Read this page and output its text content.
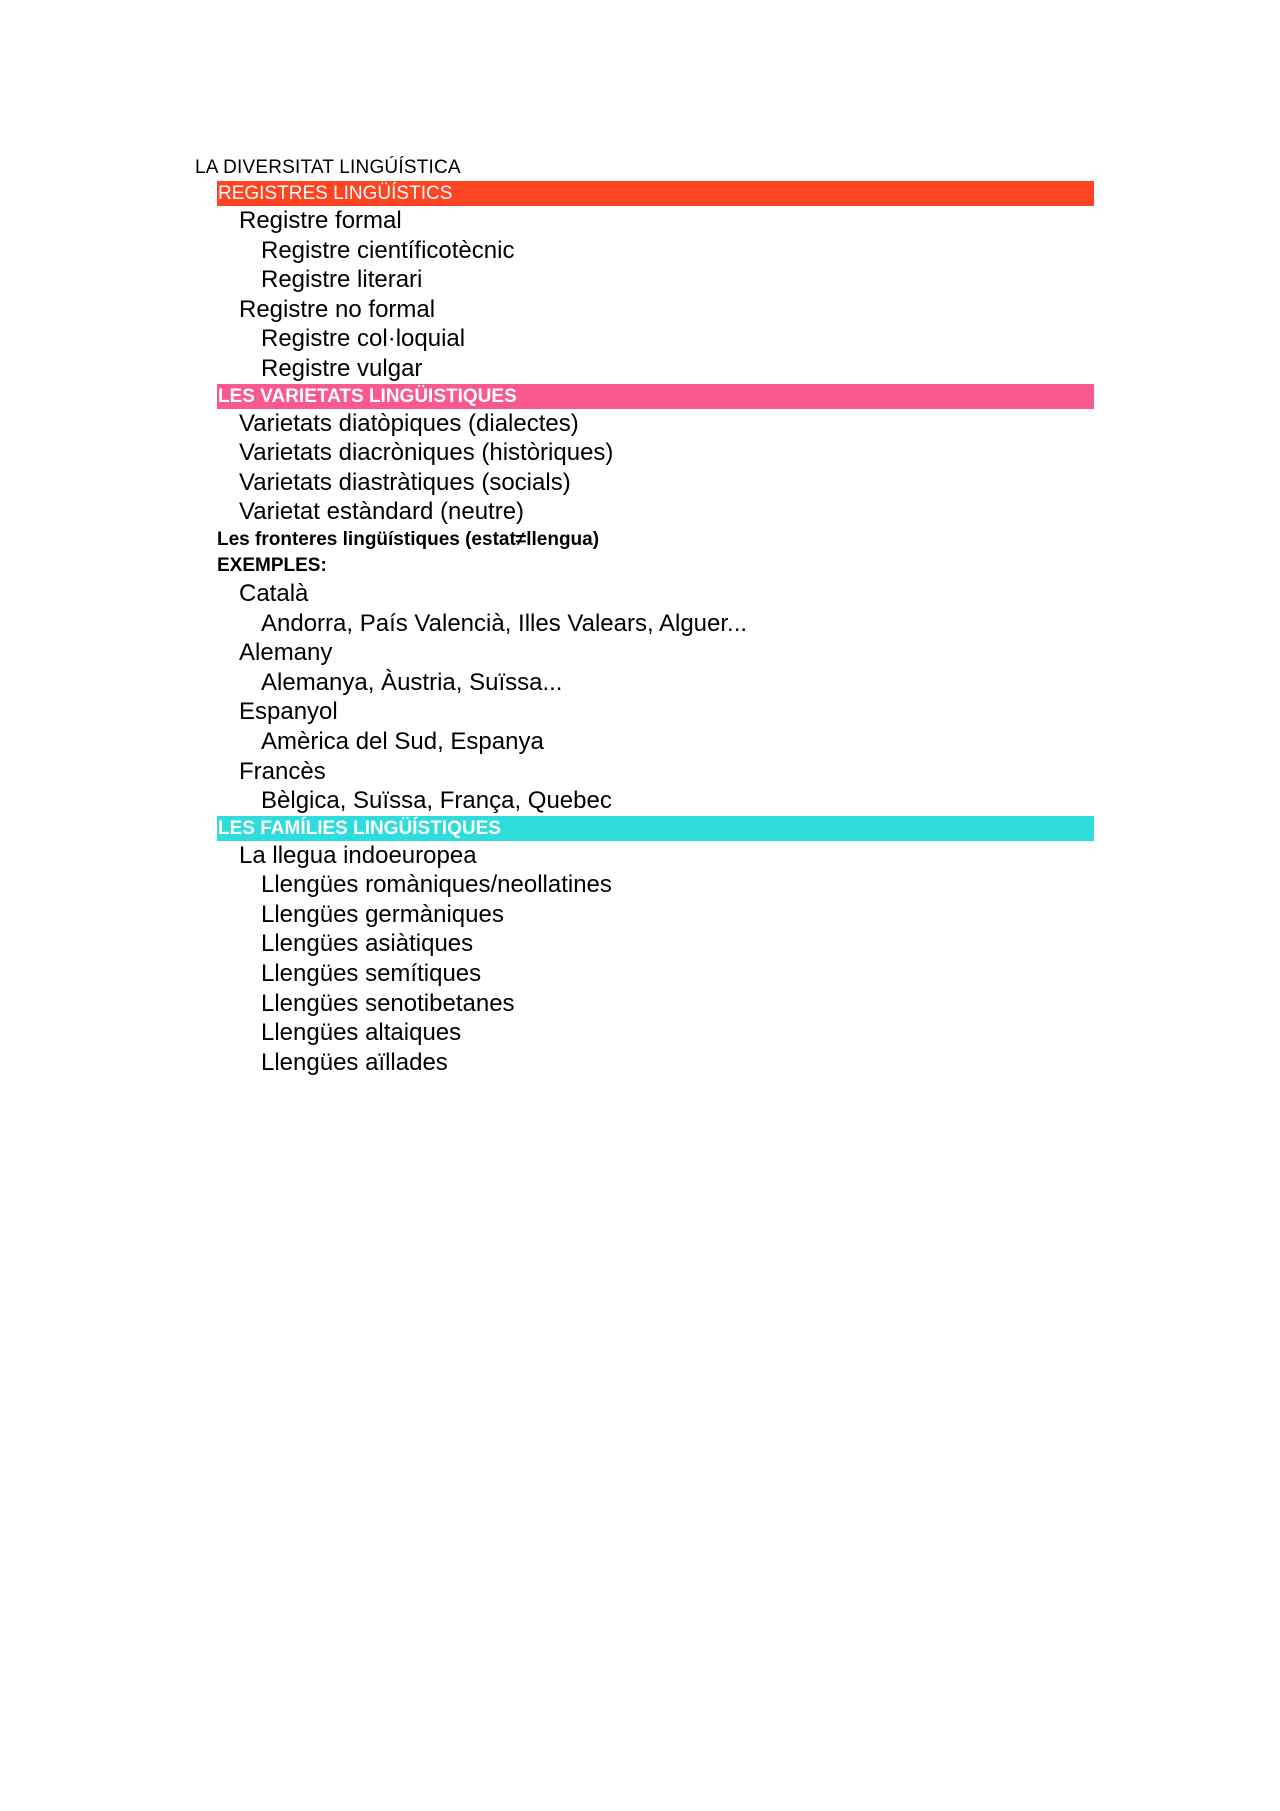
LA DIVERSITAT LINGÚÍSTICA
REGISTRES LINGÜÍSTICS
Registre formal
Registre científicotècnic
Registre literari
Registre no formal
Registre col·loquial
Registre vulgar
LES VARIETATS LINGÜISTIQUES
Varietats diatòpiques (dialectes)
Varietats diacròniques (històriques)
Varietats diastràtiques (socials)
Varietat estàndard (neutre)
Les fronteres lingüístiques (estat≠llengua)
EXEMPLES:
Català
Andorra, País Valencià, Illes Valears, Alguer...
Alemany
Alemanya, Àustria, Suïssa...
Espanyol
Amèrica del Sud, Espanya
Francès
Bèlgica, Suïssa, França, Quebec
LES FAMÍLIES LINGÜÍSTIQUES
La llegua indoeuropea
Llengües romàniques/neollatines
Llengües germàniques
Llengües asiàtiques
Llengües semítiques
Llengües senotibetanes
Llengües altaiques
Llengües aïllades
